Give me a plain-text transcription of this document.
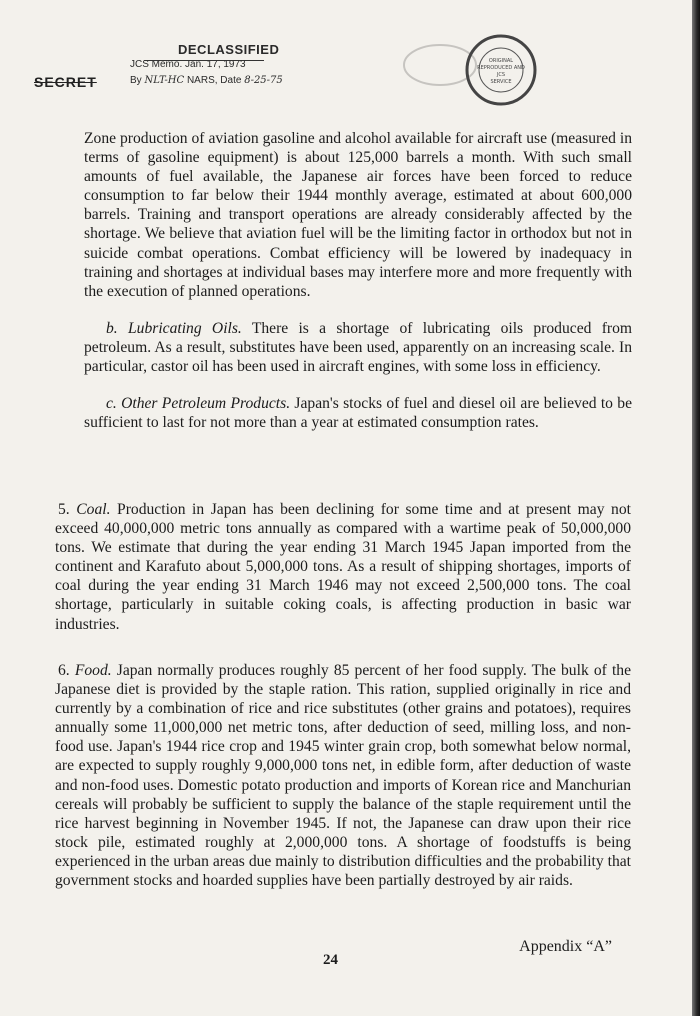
DECLASSIFIED
JCS Memo. Jan. 17, 1973
By NLT-HC NARS, Date 8-25-75
SECRET
ORIGINAL
REPRODUCED AND
JCS
SERVICE

Zone production of aviation gasoline and alcohol available for aircraft use (measured in terms of gasoline equipment) is about 125,000 barrels a month. With such small amounts of fuel available, the Japanese air forces have been forced to reduce consumption to far below their 1944 monthly average, estimated at about 600,000 barrels. Training and transport operations are already considerably affected by the shortage. We believe that aviation fuel will be the limiting factor in orthodox but not in suicide combat operations. Combat efficiency will be lowered by inadequacy in training and shortages at individual bases may interfere more and more frequently with the execution of planned operations.

b. Lubricating Oils. There is a shortage of lubricating oils produced from petroleum. As a result, substitutes have been used, apparently on an increasing scale. In particular, castor oil has been used in aircraft engines, with some loss in efficiency.

c. Other Petroleum Products. Japan's stocks of fuel and diesel oil are believed to be sufficient to last for not more than a year at estimated consumption rates.

5. Coal. Production in Japan has been declining for some time and at present may not exceed 40,000,000 metric tons annually as compared with a wartime peak of 50,000,000 tons. We estimate that during the year ending 31 March 1945 Japan imported from the continent and Karafuto about 5,000,000 tons. As a result of shipping shortages, imports of coal during the year ending 31 March 1946 may not exceed 2,500,000 tons. The coal shortage, particularly in suitable coking coals, is affecting production in basic war industries.

6. Food. Japan normally produces roughly 85 percent of her food supply. The bulk of the Japanese diet is provided by the staple ration. This ration, supplied originally in rice and currently by a combination of rice and rice substitutes (other grains and potatoes), requires annually some 11,000,000 net metric tons, after deduction of seed, milling loss, and non-food use. Japan's 1944 rice crop and 1945 winter grain crop, both somewhat below normal, are expected to supply roughly 9,000,000 tons net, in edible form, after deduction of waste and non-food uses. Domestic potato production and imports of Korean rice and Manchurian cereals will probably be sufficient to supply the balance of the staple requirement until the rice harvest beginning in November 1945. If not, the Japanese can draw upon their rice stock pile, estimated roughly at 2,000,000 tons. A shortage of foodstuffs is being experienced in the urban areas due mainly to distribution difficulties and the probability that government stocks and hoarded supplies have been partially destroyed by air raids.

Appendix “A”
24
